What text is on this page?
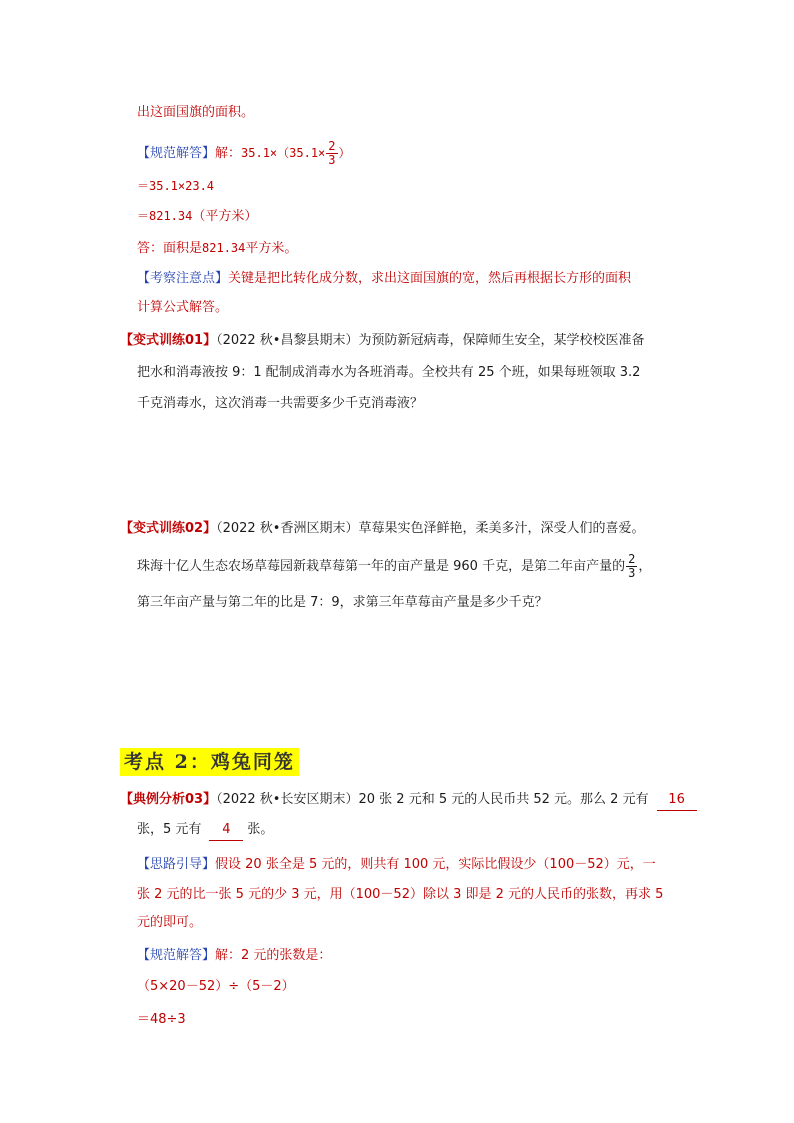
出这面国旗的面积。
【规范解答】解：$35.1\times(35.1\times \frac{2}{3}$ ）
＝35.1×23.4
＝821.34（平方米）
答：面积是821.34平方米。
【考察注意点】关键是把比转化成分数，求出这面国旗的宽，然后再根据长方形的面积
计算公式解答。
【变式训练01】（2022 秋•昌黎县期末）为预防新冠病毒，保障师生安全，某学校校医准备
把水和消毒液按 9：1 配制成消毒水为各班消毒。全校共有 25 个班，如果每班领取 3.2
千克消毒水，这次消毒一共需要多少千克消毒液？
【变式训练02】（2022 秋•香洲区期末）草莓果实色泽鲜艳，柔美多汁，深受人们的喜爱。
珠海十亿人生态农场草莓园新栽草莓第一年的亩产量是 960 千克，是第二年亩产量的 $\frac{2}{3}$ ，
第三年亩产量与第二年的比是 7：9，求第三年草莓亩产量是多少千克？
考点 2：鸡兔同笼
【典例分析03】（2022 秋•长安区期末）20 张 2 元和 5 元的人民币共 52 元。那么 2 元有 16
张，5 元有 4 张。
【思路引导】假设 20 张全是 5 元的，则共有 100 元，实际比假设少（100－52）元，一
张 2 元的比一张 5 元的少 3 元，用（100－52）除以 3 即是 2 元的人民币的张数，再求 5
元的即可。
【规范解答】解：2 元的张数是：
（5×20－52）÷（5－2）
＝48÷3
